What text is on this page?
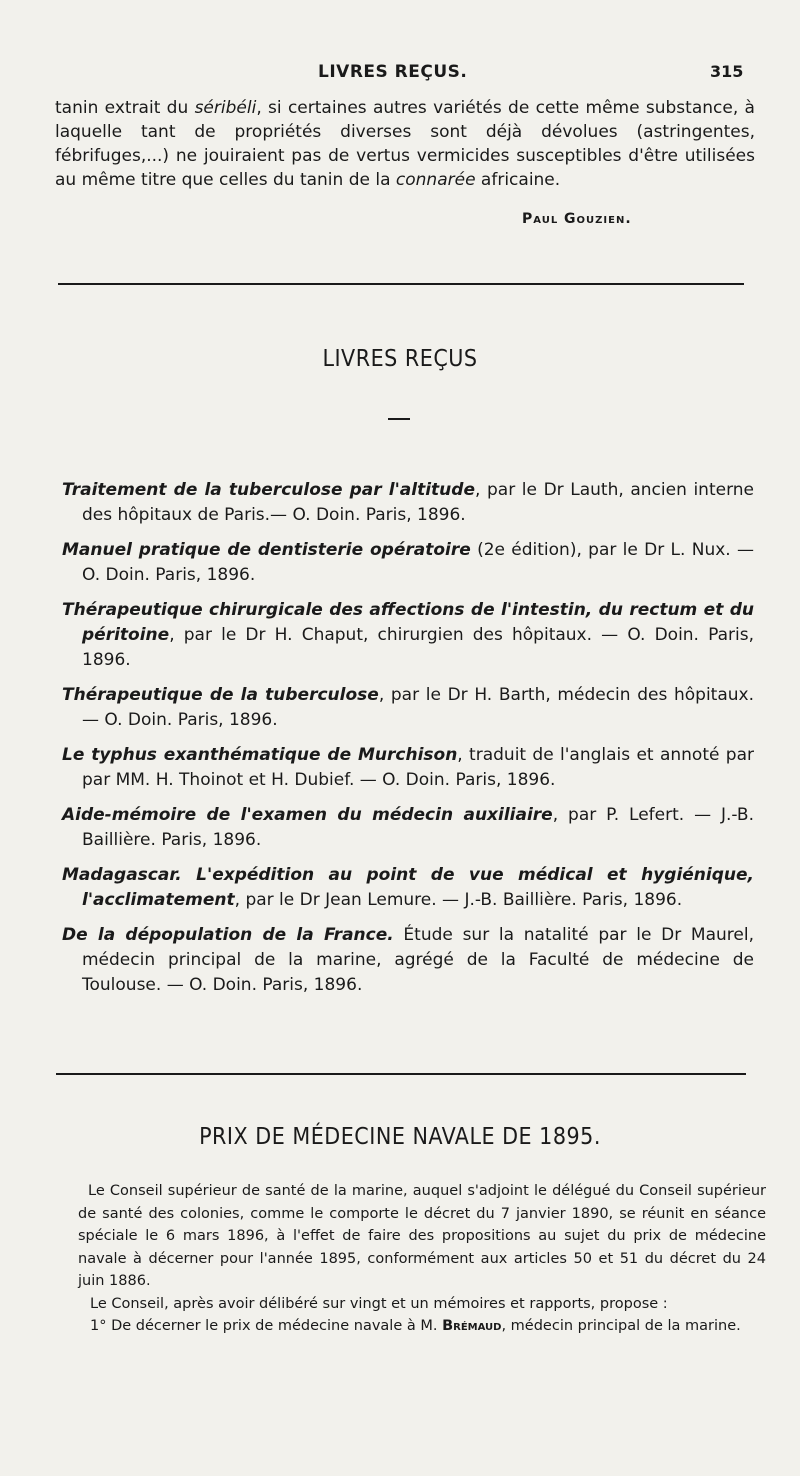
LIVRES REÇUS.	315
tanin extrait du séribéli, si certaines autres variétés de cette même substance, à laquelle tant de propriétés diverses sont déjà dévolues (astringentes, fébrifuges,...) ne jouiraient pas de vertus vermicides susceptibles d'être utilisées au même titre que celles du tanin de la connarée africaine.
Paul Gouzien.
LIVRES REÇUS

Traitement de la tuberculose par l'altitude, par le Dr Lauth, ancien interne des hôpitaux de Paris.— O. Doin. Paris, 1896.

Manuel pratique de dentisterie opératoire (2e édition), par le Dr L. Nux. — O. Doin. Paris, 1896.

Thérapeutique chirurgicale des affections de l'intestin, du rectum et du péritoine, par le Dr H. Chaput, chirurgien des hôpitaux. — O. Doin. Paris, 1896.

Thérapeutique de la tuberculose, par le Dr H. Barth, médecin des hôpitaux. — O. Doin. Paris, 1896.

Le typhus exanthématique de Murchison, traduit de l'anglais et annoté par par MM. H. Thoinot et H. Dubief. — O. Doin. Paris, 1896.

Aide-mémoire de l'examen du médecin auxiliaire, par P. Lefert. — J.-B. Baillière. Paris, 1896.

Madagascar. L'expédition au point de vue médical et hygiénique, l'acclimatement, par le Dr Jean Lemure. — J.-B. Baillière. Paris, 1896.

De la dépopulation de la France. Étude sur la natalité par le Dr Maurel, médecin principal de la marine, agrégé de la Faculté de médecine de Toulouse. — O. Doin. Paris, 1896.

PRIX DE MÉDECINE NAVALE DE 1895.

Le Conseil supérieur de santé de la marine, auquel s'adjoint le délégué du Conseil supérieur de santé des colonies, comme le comporte le décret du 7 janvier 1890, se réunit en séance spéciale le 6 mars 1896, à l'effet de faire des propositions au sujet du prix de médecine navale à décerner pour l'année 1895, conformément aux articles 50 et 51 du décret du 24 juin 1886.

Le Conseil, après avoir délibéré sur vingt et un mémoires et rapports, propose :

1° De décerner le prix de médecine navale à M. Brémaud, médecin principal de la marine.
